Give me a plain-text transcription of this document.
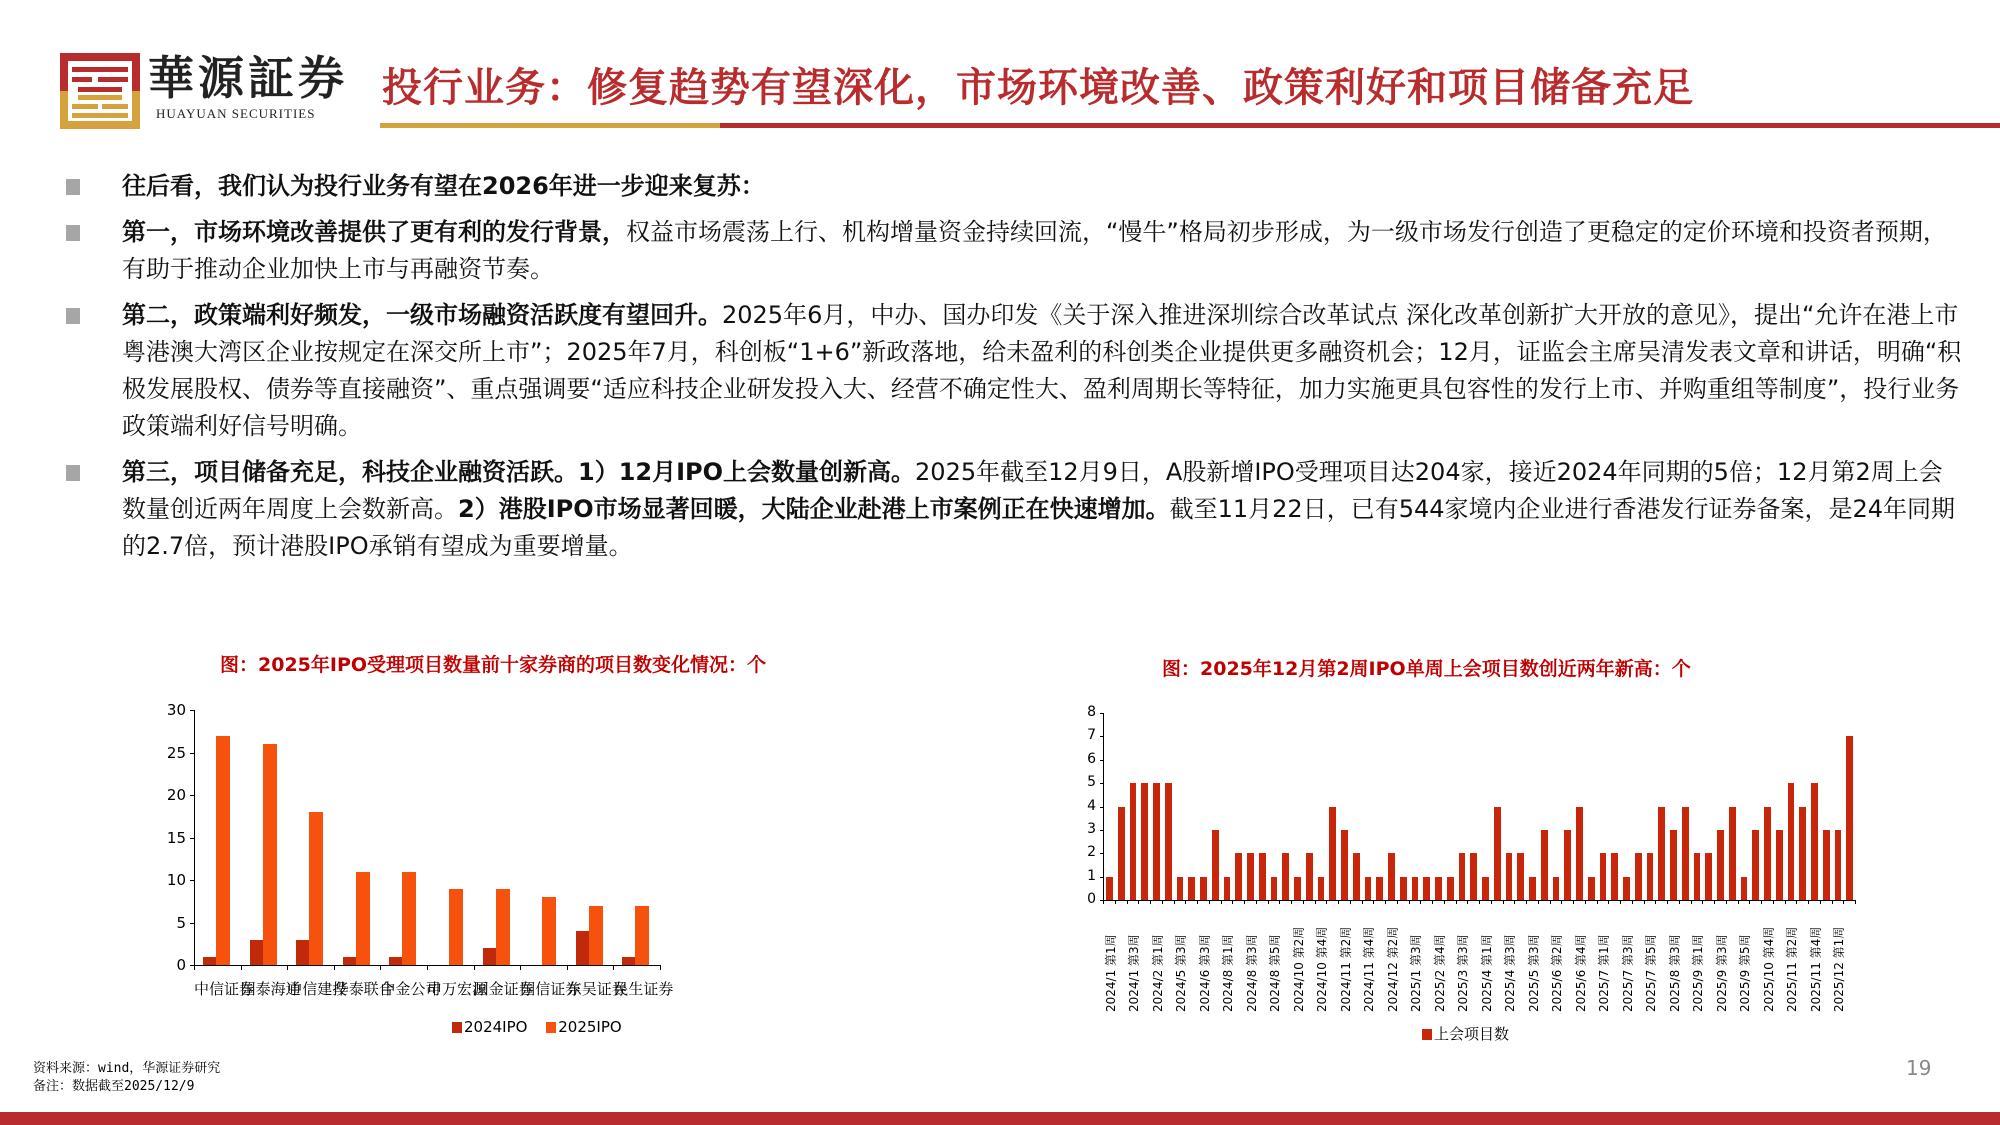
華源証券
HUAYUAN SECURITIES
投行业务：修复趋势有望深化，市场环境改善、政策利好和项目储备充足
往后看，我们认为投行业务有望在2026年进一步迎来复苏：
第一，市场环境改善提供了更有利的发行背景，权益市场震荡上行、机构增量资金持续回流，“慢牛”格局初步形成，为一级市场发行创造了更稳定的定价环境和投资者预期，有助于推动企业加快上市与再融资节奏。
第二，政策端利好频发，一级市场融资活跃度有望回升。2025年6月，中办、国办印发《关于深入推进深圳综合改革试点 深化改革创新扩大开放的意见》，提出“允许在港上市粤港澳大湾区企业按规定在深交所上市”；2025年7月，科创板“1+6”新政落地，给未盈利的科创类企业提供更多融资机会；12月，证监会主席吴清发表文章和讲话，明确“积极发展股权、债券等直接融资”、重点强调要“适应科技企业研发投入大、经营不确定性大、盈利周期长等特征，加力实施更具包容性的发行上市、并购重组等制度”，投行业务政策端利好信号明确。
第三，项目储备充足，科技企业融资活跃。1）12月IPO上会数量创新高。2025年截至12月9日，A股新增IPO受理项目达204家，接近2024年同期的5倍；12月第2周上会数量创近两年周度上会数新高。2）港股IPO市场显著回暖，大陆企业赴港上市案例正在快速增加。截至11月22日，已有544家境内企业进行香港发行证券备案，是24年同期的2.7倍，预计港股IPO承销有望成为重要增量。
图：2025年IPO受理项目数量前十家券商的项目数变化情况：个
0
5
10
15
20
25
30
中信证券
国泰海通
中信建投
华泰联合
中金公司
申万宏源
国金证券
国信证券
东吴证券
民生证券
2024IPO 2025IPO
图：2025年12月第2周IPO单周上会项目数创近两年新高：个
0
1
2
3
4
5
6
7
8
2024/1 第1周 2024/1 第3周 2024/2 第1周 2024/5 第3周 2024/6 第3周 2024/8 第1周 2024/8 第3周 2024/8 第5周 2024/10 第2周 2024/10 第4周 2024/11 第2周 2024/11 第4周 2024/12 第2周 2025/1 第3周 2025/2 第4周 2025/3 第3周 2025/4 第1周 2025/4 第3周 2025/5 第3周 2025/6 第2周 2025/6 第4周 2025/7 第1周 2025/7 第3周 2025/7 第5周 2025/8 第3周 2025/9 第1周 2025/9 第3周 2025/9 第5周 2025/10 第4周 2025/11 第2周 2025/11 第4周 2025/12 第1周
上会项目数
资料来源：wind，华源证券研究
备注：数据截至2025/12/9
19
